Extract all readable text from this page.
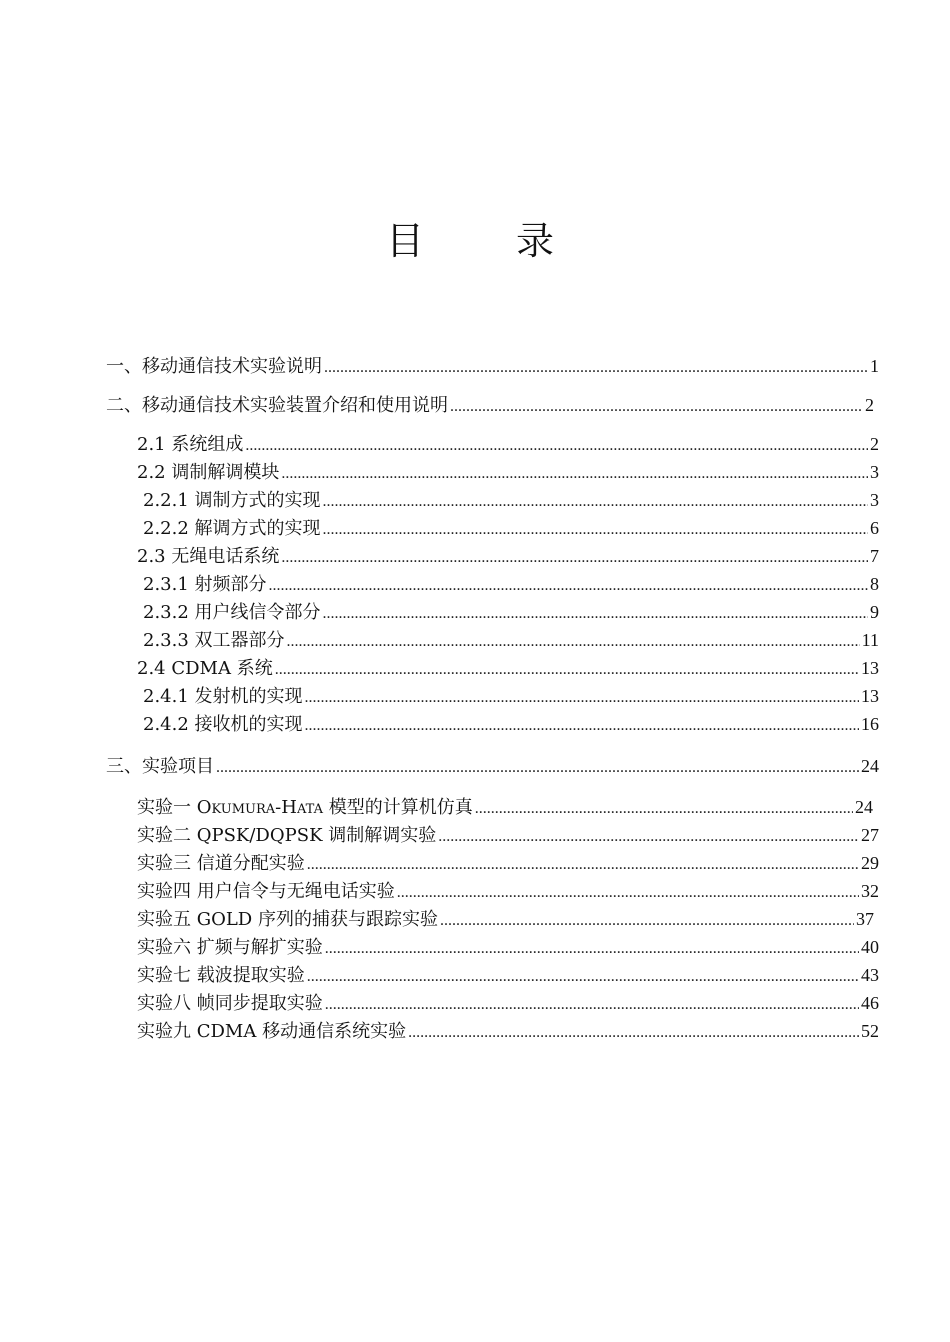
目 录
一、移动通信技术实验说明 .....	1
二、移动通信技术实验装置介绍和使用说明 .....	2
2.1 系统组成 .....	2
2.2 调制解调模块 .....	3
2.2.1 调制方式的实现 .....	3
2.2.2 解调方式的实现 .....	6
2.3 无绳电话系统 .....	7
2.3.1 射频部分 .....	8
2.3.2 用户线信令部分 .....	9
2.3.3 双工器部分 .....	11
2.4 CDMA 系统 .....	13
2.4.1 发射机的实现 .....	13
2.4.2 接收机的实现 .....	16
三、实验项目 .....	24
实验一 OKUMURA-HATA 模型的计算机仿真 .....	24
实验二 QPSK/DQPSK 调制解调实验 .....	27
实验三 信道分配实验 .....	29
实验四 用户信令与无绳电话实验 .....	32
实验五 GOLD 序列的捕获与跟踪实验 .....	37
实验六 扩频与解扩实验 .....	40
实验七 载波提取实验 .....	43
实验八 帧同步提取实验 .....	46
实验九 CDMA 移动通信系统实验 .....	52
